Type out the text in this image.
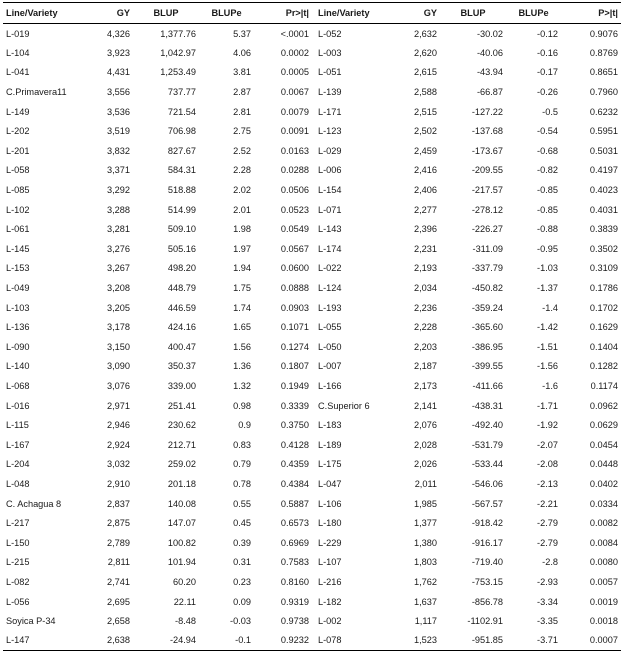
Line/Variety	GY	BLUP	BLUPe	Pr>|t|	Line/Variety	GY	BLUP	BLUPe	P>|t|
L-019	4,326	1,377.76	5.37	<.0001	L-052	2,632	-30.02	-0.12	0.9076
L-104	3,923	1,042.97	4.06	0.0002	L-003	2,620	-40.06	-0.16	0.8769
L-041	4,431	1,253.49	3.81	0.0005	L-051	2,615	-43.94	-0.17	0.8651
C.Primavera11	3,556	737.77	2.87	0.0067	L-139	2,588	-66.87	-0.26	0.7960
L-149	3,536	721.54	2.81	0.0079	L-171	2,515	-127.22	-0.5	0.6232
L-202	3,519	706.98	2.75	0.0091	L-123	2,502	-137.68	-0.54	0.5951
L-201	3,832	827.67	2.52	0.0163	L-029	2,459	-173.67	-0.68	0.5031
L-058	3,371	584.31	2.28	0.0288	L-006	2,416	-209.55	-0.82	0.4197
L-085	3,292	518.88	2.02	0.0506	L-154	2,406	-217.57	-0.85	0.4023
L-102	3,288	514.99	2.01	0.0523	L-071	2,277	-278.12	-0.85	0.4031
L-061	3,281	509.10	1.98	0.0549	L-143	2,396	-226.27	-0.88	0.3839
L-145	3,276	505.16	1.97	0.0567	L-174	2,231	-311.09	-0.95	0.3502
L-153	3,267	498.20	1.94	0.0600	L-022	2,193	-337.79	-1.03	0.3109
L-049	3,208	448.79	1.75	0.0888	L-124	2,034	-450.82	-1.37	0.1786
L-103	3,205	446.59	1.74	0.0903	L-193	2,236	-359.24	-1.4	0.1702
L-136	3,178	424.16	1.65	0.1071	L-055	2,228	-365.60	-1.42	0.1629
L-090	3,150	400.47	1.56	0.1274	L-050	2,203	-386.95	-1.51	0.1404
L-140	3,090	350.37	1.36	0.1807	L-007	2,187	-399.55	-1.56	0.1282
L-068	3,076	339.00	1.32	0.1949	L-166	2,173	-411.66	-1.6	0.1174
L-016	2,971	251.41	0.98	0.3339	C.Superior 6	2,141	-438.31	-1.71	0.0962
L-115	2,946	230.62	0.9	0.3750	L-183	2,076	-492.40	-1.92	0.0629
L-167	2,924	212.71	0.83	0.4128	L-189	2,028	-531.79	-2.07	0.0454
L-204	3,032	259.02	0.79	0.4359	L-175	2,026	-533.44	-2.08	0.0448
L-048	2,910	201.18	0.78	0.4384	L-047	2,011	-546.06	-2.13	0.0402
C. Achagua 8	2,837	140.08	0.55	0.5887	L-106	1,985	-567.57	-2.21	0.0334
L-217	2,875	147.07	0.45	0.6573	L-180	1,377	-918.42	-2.79	0.0082
L-150	2,789	100.82	0.39	0.6969	L-229	1,380	-916.17	-2.79	0.0084
L-215	2,811	101.94	0.31	0.7583	L-107	1,803	-719.40	-2.8	0.0080
L-082	2,741	60.20	0.23	0.8160	L-216	1,762	-753.15	-2.93	0.0057
L-056	2,695	22.11	0.09	0.9319	L-182	1,637	-856.78	-3.34	0.0019
Soyica P-34	2,658	-8.48	-0.03	0.9738	L-002	1,117	-1102.91	-3.35	0.0018
L-147	2,638	-24.94	-0.1	0.9232	L-078	1,523	-951.85	-3.71	0.0007
